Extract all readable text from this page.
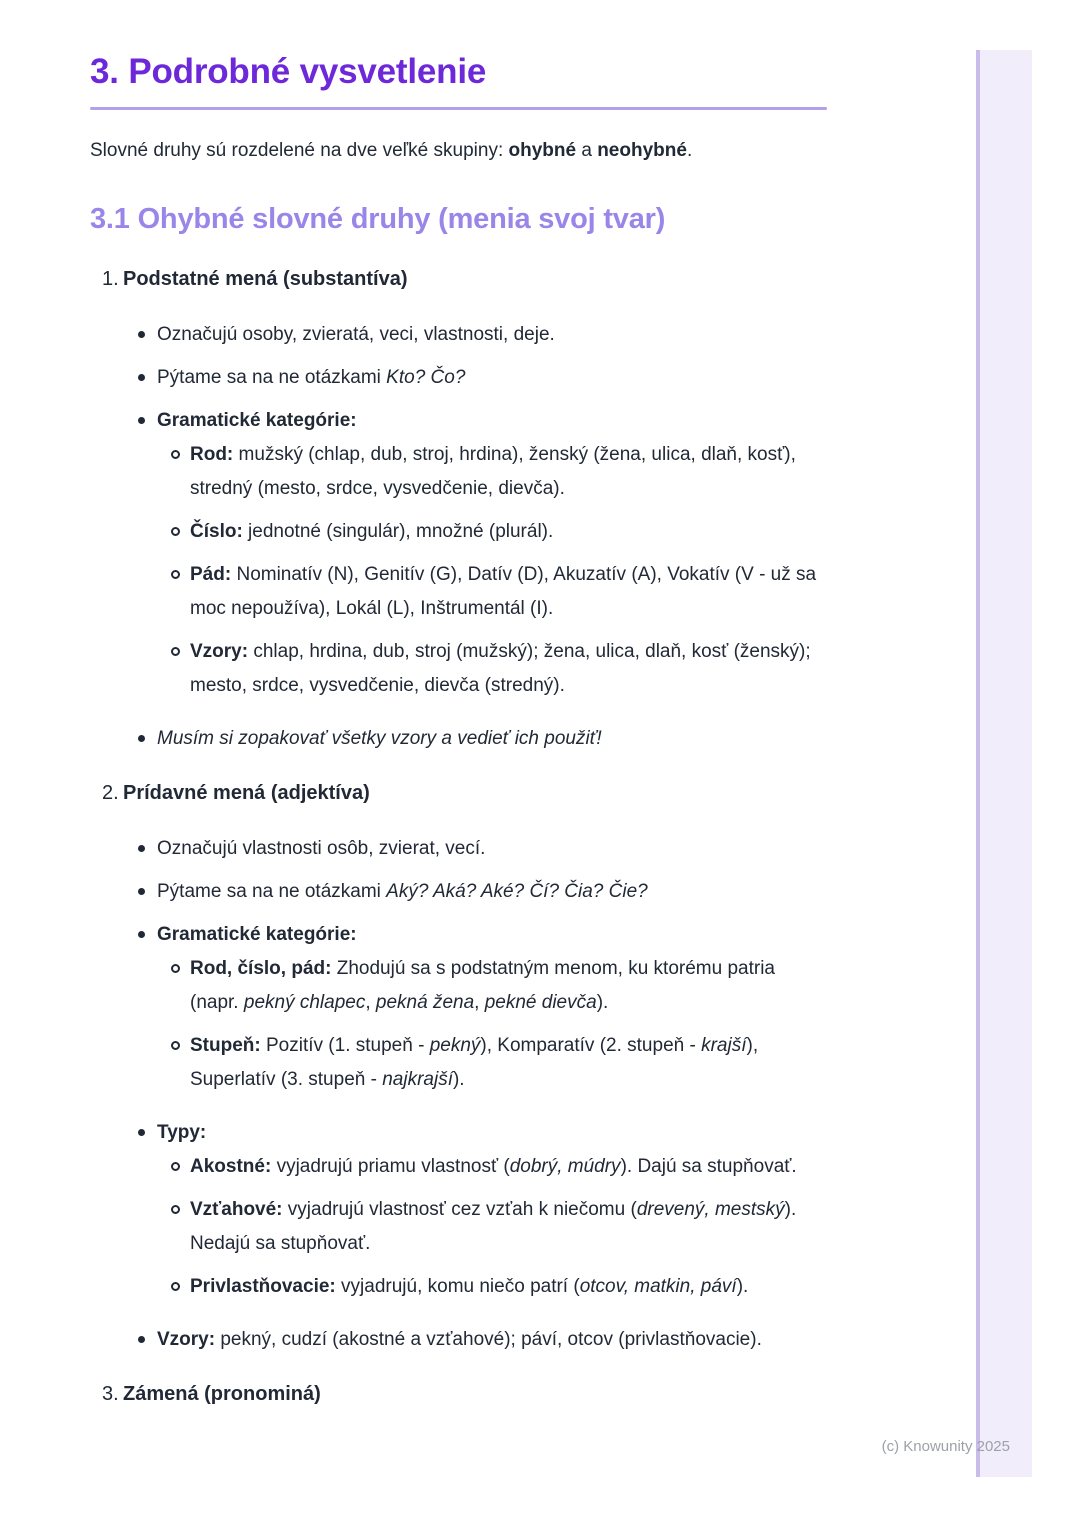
3. Podrobné vysvetlenie

Slovné druhy sú rozdelené na dve veľké skupiny: ohybné a neohybné.

3.1 Ohybné slovné druhy (menia svoj tvar)
1. Podstatné mená (substantíva)

Označujú osoby, zvieratá, veci, vlastnosti, deje.

Pýtame sa na ne otázkami Kto? Čo?

Gramatické kategórie:

Rod: mužský (chlap, dub, stroj, hrdina), ženský (žena, ulica, dlaň, kosť), stredný (mesto, srdce, vysvedčenie, dievča).

Číslo: jednotné (singulár), množné (plurál).

Pád: Nominatív (N), Genitív (G), Datív (D), Akuzatív (A), Vokatív (V - už sa moc nepoužíva), Lokál (L), Inštrumentál (I).

Vzory: chlap, hrdina, dub, stroj (mužský); žena, ulica, dlaň, kosť (ženský); mesto, srdce, vysvedčenie, dievča (stredný).

Musím si zopakovať všetky vzory a vedieť ich použiť!

2. Prídavné mená (adjektíva)

Označujú vlastnosti osôb, zvierat, vecí.

Pýtame sa na ne otázkami Aký? Aká? Aké? Čí? Čia? Čie?

Gramatické kategórie:

Rod, číslo, pád: Zhodujú sa s podstatným menom, ku ktorému patria (napr. pekný chlapec, pekná žena, pekné dievča).

Stupeň: Pozitív (1. stupeň - pekný), Komparatív (2. stupeň - krajší), Superlatív (3. stupeň - najkrajší).

Typy:

Akostné: vyjadrujú priamu vlastnosť (dobrý, múdry). Dajú sa stupňovať.

Vzťahové: vyjadrujú vlastnosť cez vzťah k niečomu (drevený, mestský). Nedajú sa stupňovať.

Privlastňovacie: vyjadrujú, komu niečo patrí (otcov, matkin, páví).

Vzory: pekný, cudzí (akostné a vzťahové); páví, otcov (privlastňovacie).

3. Zámená (pronominá)
(c) Knowunity 2025
